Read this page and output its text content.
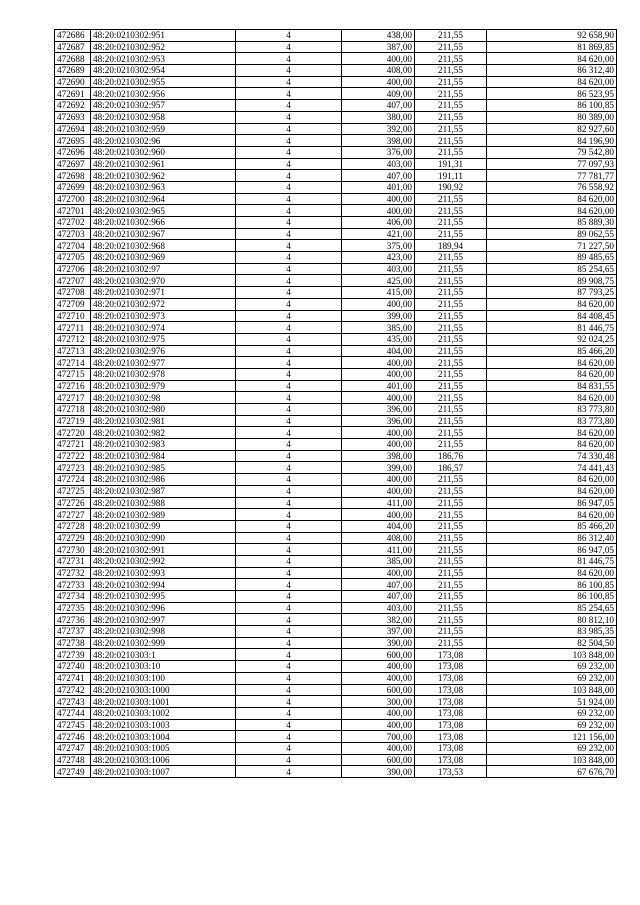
472686	48:20:0210302:951	4	438,00	211,55	92 658,90
472687	48:20:0210302:952	4	387,00	211,55	81 869,85
472688	48:20:0210302:953	4	400,00	211,55	84 620,00
472689	48:20:0210302:954	4	408,00	211,55	86 312,40
472690	48:20:0210302:955	4	400,00	211,55	84 620,00
472691	48:20:0210302:956	4	409,00	211,55	86 523,95
472692	48:20:0210302:957	4	407,00	211,55	86 100,85
472693	48:20:0210302:958	4	380,00	211,55	80 389,00
472694	48:20:0210302:959	4	392,00	211,55	82 927,60
472695	48:20:0210302:96	4	398,00	211,55	84 196,90
472696	48:20:0210302:960	4	376,00	211,55	79 542,80
472697	48:20:0210302:961	4	403,00	191,31	77 097,93
472698	48:20:0210302:962	4	407,00	191,11	77 781,77
472699	48:20:0210302:963	4	401,00	190,92	76 558,92
472700	48:20:0210302:964	4	400,00	211,55	84 620,00
472701	48:20:0210302:965	4	400,00	211,55	84 620,00
472702	48:20:0210302:966	4	406,00	211,55	85 889,30
472703	48:20:0210302:967	4	421,00	211,55	89 062,55
472704	48:20:0210302:968	4	375,00	189,94	71 227,50
472705	48:20:0210302:969	4	423,00	211,55	89 485,65
472706	48:20:0210302:97	4	403,00	211,55	85 254,65
472707	48:20:0210302:970	4	425,00	211,55	89 908,75
472708	48:20:0210302:971	4	415,00	211,55	87 793,25
472709	48:20:0210302:972	4	400,00	211,55	84 620,00
472710	48:20:0210302:973	4	399,00	211,55	84 408,45
472711	48:20:0210302:974	4	385,00	211,55	81 446,75
472712	48:20:0210302:975	4	435,00	211,55	92 024,25
472713	48:20:0210302:976	4	404,00	211,55	85 466,20
472714	48:20:0210302:977	4	400,00	211,55	84 620,00
472715	48:20:0210302:978	4	400,00	211,55	84 620,00
472716	48:20:0210302:979	4	401,00	211,55	84 831,55
472717	48:20:0210302:98	4	400,00	211,55	84 620,00
472718	48:20:0210302:980	4	396,00	211,55	83 773,80
472719	48:20:0210302:981	4	396,00	211,55	83 773,80
472720	48:20:0210302:982	4	400,00	211,55	84 620,00
472721	48:20:0210302:983	4	400,00	211,55	84 620,00
472722	48:20:0210302:984	4	398,00	186,76	74 330,48
472723	48:20:0210302:985	4	399,00	186,57	74 441,43
472724	48:20:0210302:986	4	400,00	211,55	84 620,00
472725	48:20:0210302:987	4	400,00	211,55	84 620,00
472726	48:20:0210302:988	4	411,00	211,55	86 947,05
472727	48:20:0210302:989	4	400,00	211,55	84 620,00
472728	48:20:0210302:99	4	404,00	211,55	85 466,20
472729	48:20:0210302:990	4	408,00	211,55	86 312,40
472730	48:20:0210302:991	4	411,00	211,55	86 947,05
472731	48:20:0210302:992	4	385,00	211,55	81 446,75
472732	48:20:0210302:993	4	400,00	211,55	84 620,00
472733	48:20:0210302:994	4	407,00	211,55	86 100,85
472734	48:20:0210302:995	4	407,00	211,55	86 100,85
472735	48:20:0210302:996	4	403,00	211,55	85 254,65
472736	48:20:0210302:997	4	382,00	211,55	80 812,10
472737	48:20:0210302:998	4	397,00	211,55	83 985,35
472738	48:20:0210302:999	4	390,00	211,55	82 504,50
472739	48:20:0210303:1	4	600,00	173,08	103 848,00
472740	48:20:0210303:10	4	400,00	173,08	69 232,00
472741	48:20:0210303:100	4	400,00	173,08	69 232,00
472742	48:20:0210303:1000	4	600,00	173,08	103 848,00
472743	48:20:0210303:1001	4	300,00	173,08	51 924,00
472744	48:20:0210303:1002	4	400,00	173,08	69 232,00
472745	48:20:0210303:1003	4	400,00	173,08	69 232,00
472746	48:20:0210303:1004	4	700,00	173,08	121 156,00
472747	48:20:0210303:1005	4	400,00	173,08	69 232,00
472748	48:20:0210303:1006	4	600,00	173,08	103 848,00
472749	48:20:0210303:1007	4	390,00	173,53	67 676,70
